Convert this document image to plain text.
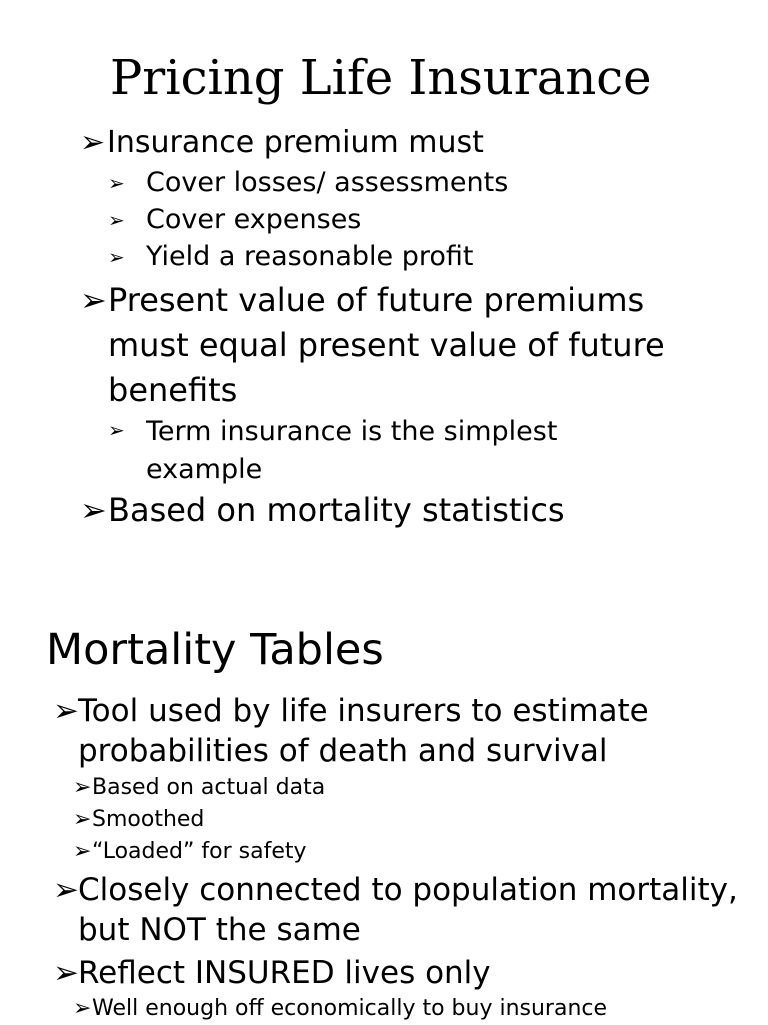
Pricing Life Insurance
➢ Insurance premium must
➢ Cover losses/ assessments
➢ Cover expenses
➢ Yield a reasonable profit
➢ Present value of future premiums must equal present value of future benefits
➢ Term insurance is the simplest example
➢ Based on mortality statistics
Mortality Tables
➢ Tool used by life insurers to estimate probabilities of death and survival
➢ Based on actual data
➢ Smoothed
➢ “Loaded” for safety
➢ Closely connected to population mortality, but NOT the same
➢ Reflect INSURED lives only
➢ Well enough off economically to buy insurance
